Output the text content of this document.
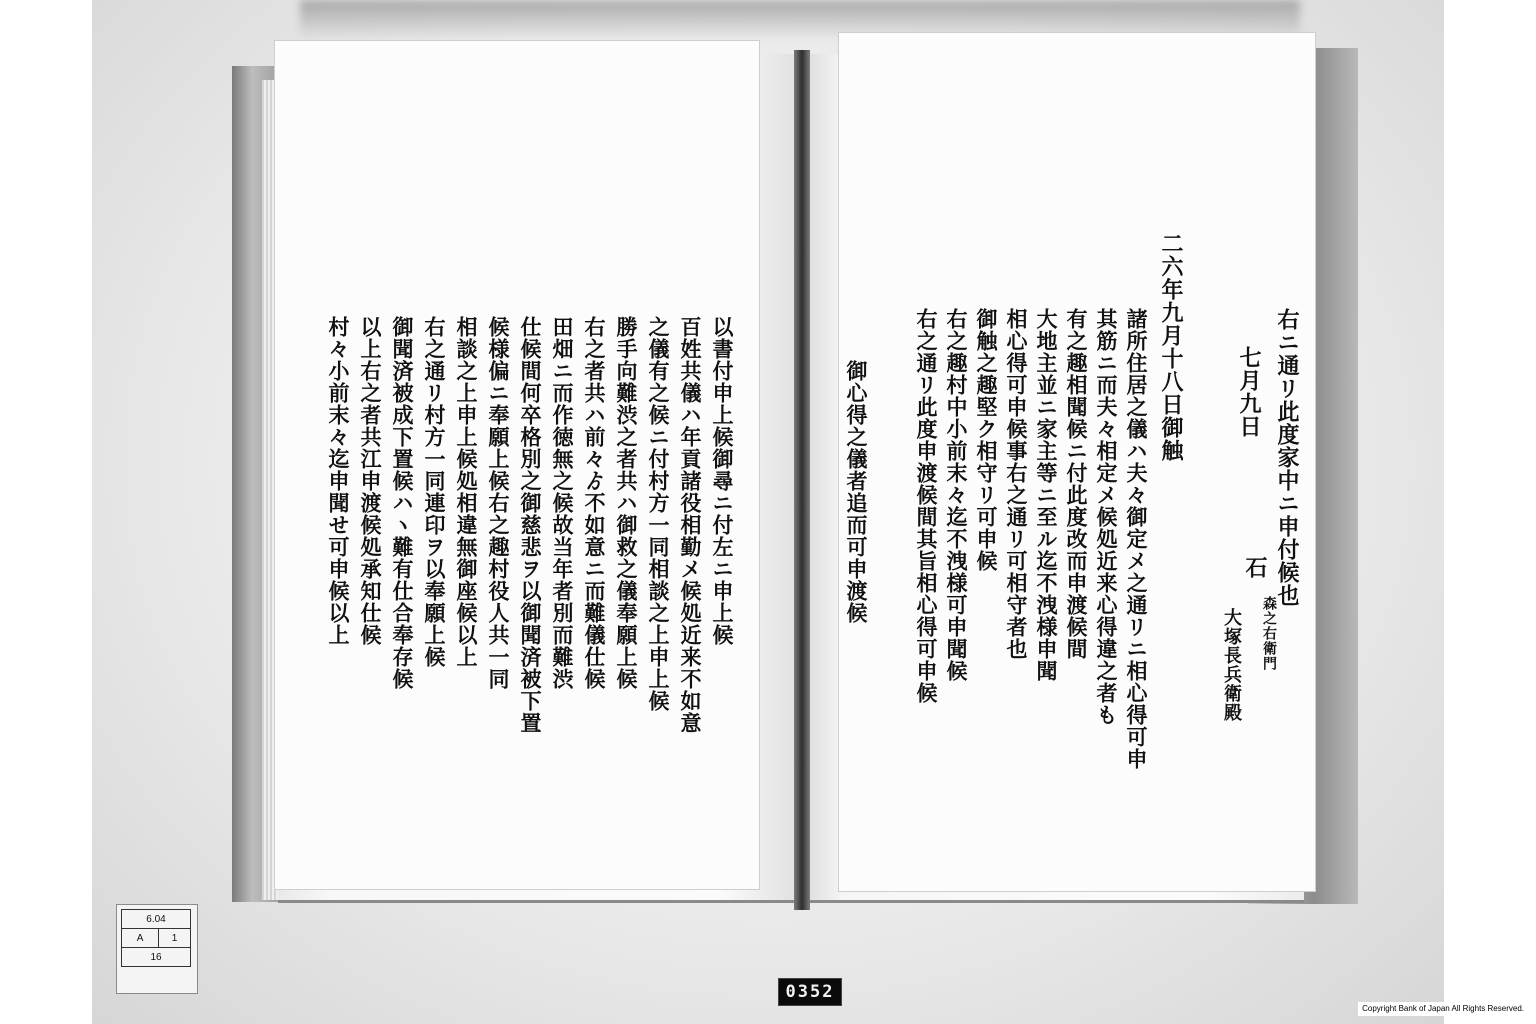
右ニ通リ此度家中ニ申付候也
七月九日
石
森之右衛門
大塚長兵衛殿
二六年九月十八日御触
諸所住居之儀ハ夫々御定メ之通リニ相心得可申
其筋ニ而夫々相定メ候処近来心得違之者も
有之趣相聞候ニ付此度改而申渡候間
大地主並ニ家主等ニ至ル迄不洩様申聞
相心得可申候事右之通リ可相守者也
御触之趣堅ク相守リ可申候
右之趣村中小前末々迄不洩様可申聞候
右之通リ此度申渡候間其旨相心得可申候
御心得之儀者追而可申渡候
以書付申上候御尋ニ付左ニ申上候
百姓共儀ハ年貢諸役相勤メ候処近来不如意
之儀有之候ニ付村方一同相談之上申上候
勝手向難渋之者共ハ御救之儀奉願上候
右之者共ハ前々ゟ不如意ニ而難儀仕候
田畑ニ而作徳無之候故当年者別而難渋
仕候間何卒格別之御慈悲ヲ以御聞済被下置
候様偏ニ奉願上候右之趣村役人共一同
相談之上申上候処相違無御座候以上
右之通リ村方一同連印ヲ以奉願上候
御聞済被成下置候ハヽ難有仕合奉存候
以上右之者共江申渡候処承知仕候
村々小前末々迄申聞せ可申候以上
6.04
A	1
16
0352
Copyright Bank of Japan All Rights Reserved.
